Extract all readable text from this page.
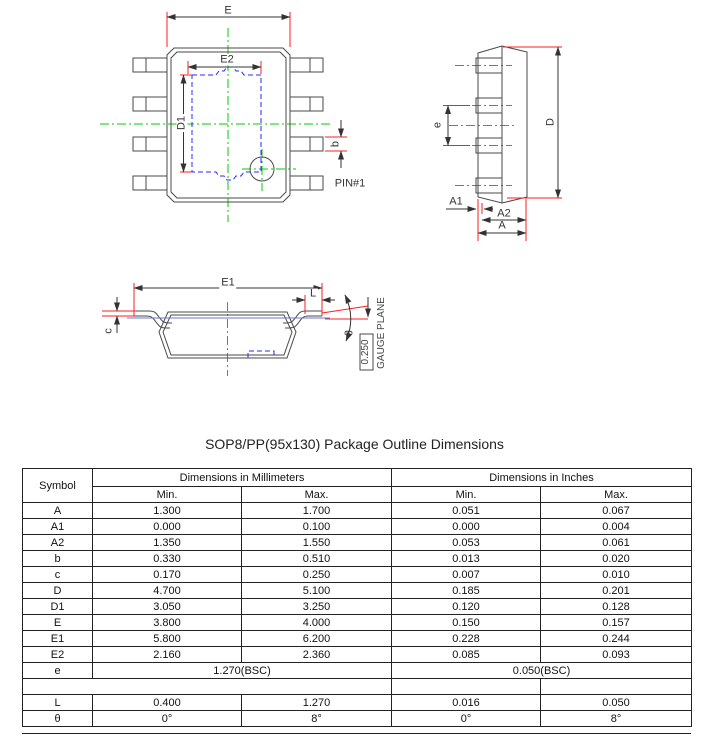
E
E2
D1
b
PIN#1
e	D
A1
A2
A
E1
L
c	θ
0.250 GAUGE PLANE
SOP8/PP(95x130) Package Outline Dimensions
Symbol	Dimensions in Millimeters		Dimensions in Inches	
	Min.	Max.	Min.	Max.
A	1.300	1.700	0.051	0.067
A1	0.000	0.100	0.000	0.004
A2	1.350	1.550	0.053	0.061
b	0.330	0.510	0.013	0.020
c	0.170	0.250	0.007	0.010
D	4.700	5.100	0.185	0.201
D1	3.050	3.250	0.120	0.128
E	3.800	4.000	0.150	0.157
E1	5.800	6.200	0.228	0.244
E2	2.160	2.360	0.085	0.093
e	1.270(BSC)		0.050(BSC)	

L	0.400	1.270	0.016	0.050
θ	0°	8°	0°	8°
